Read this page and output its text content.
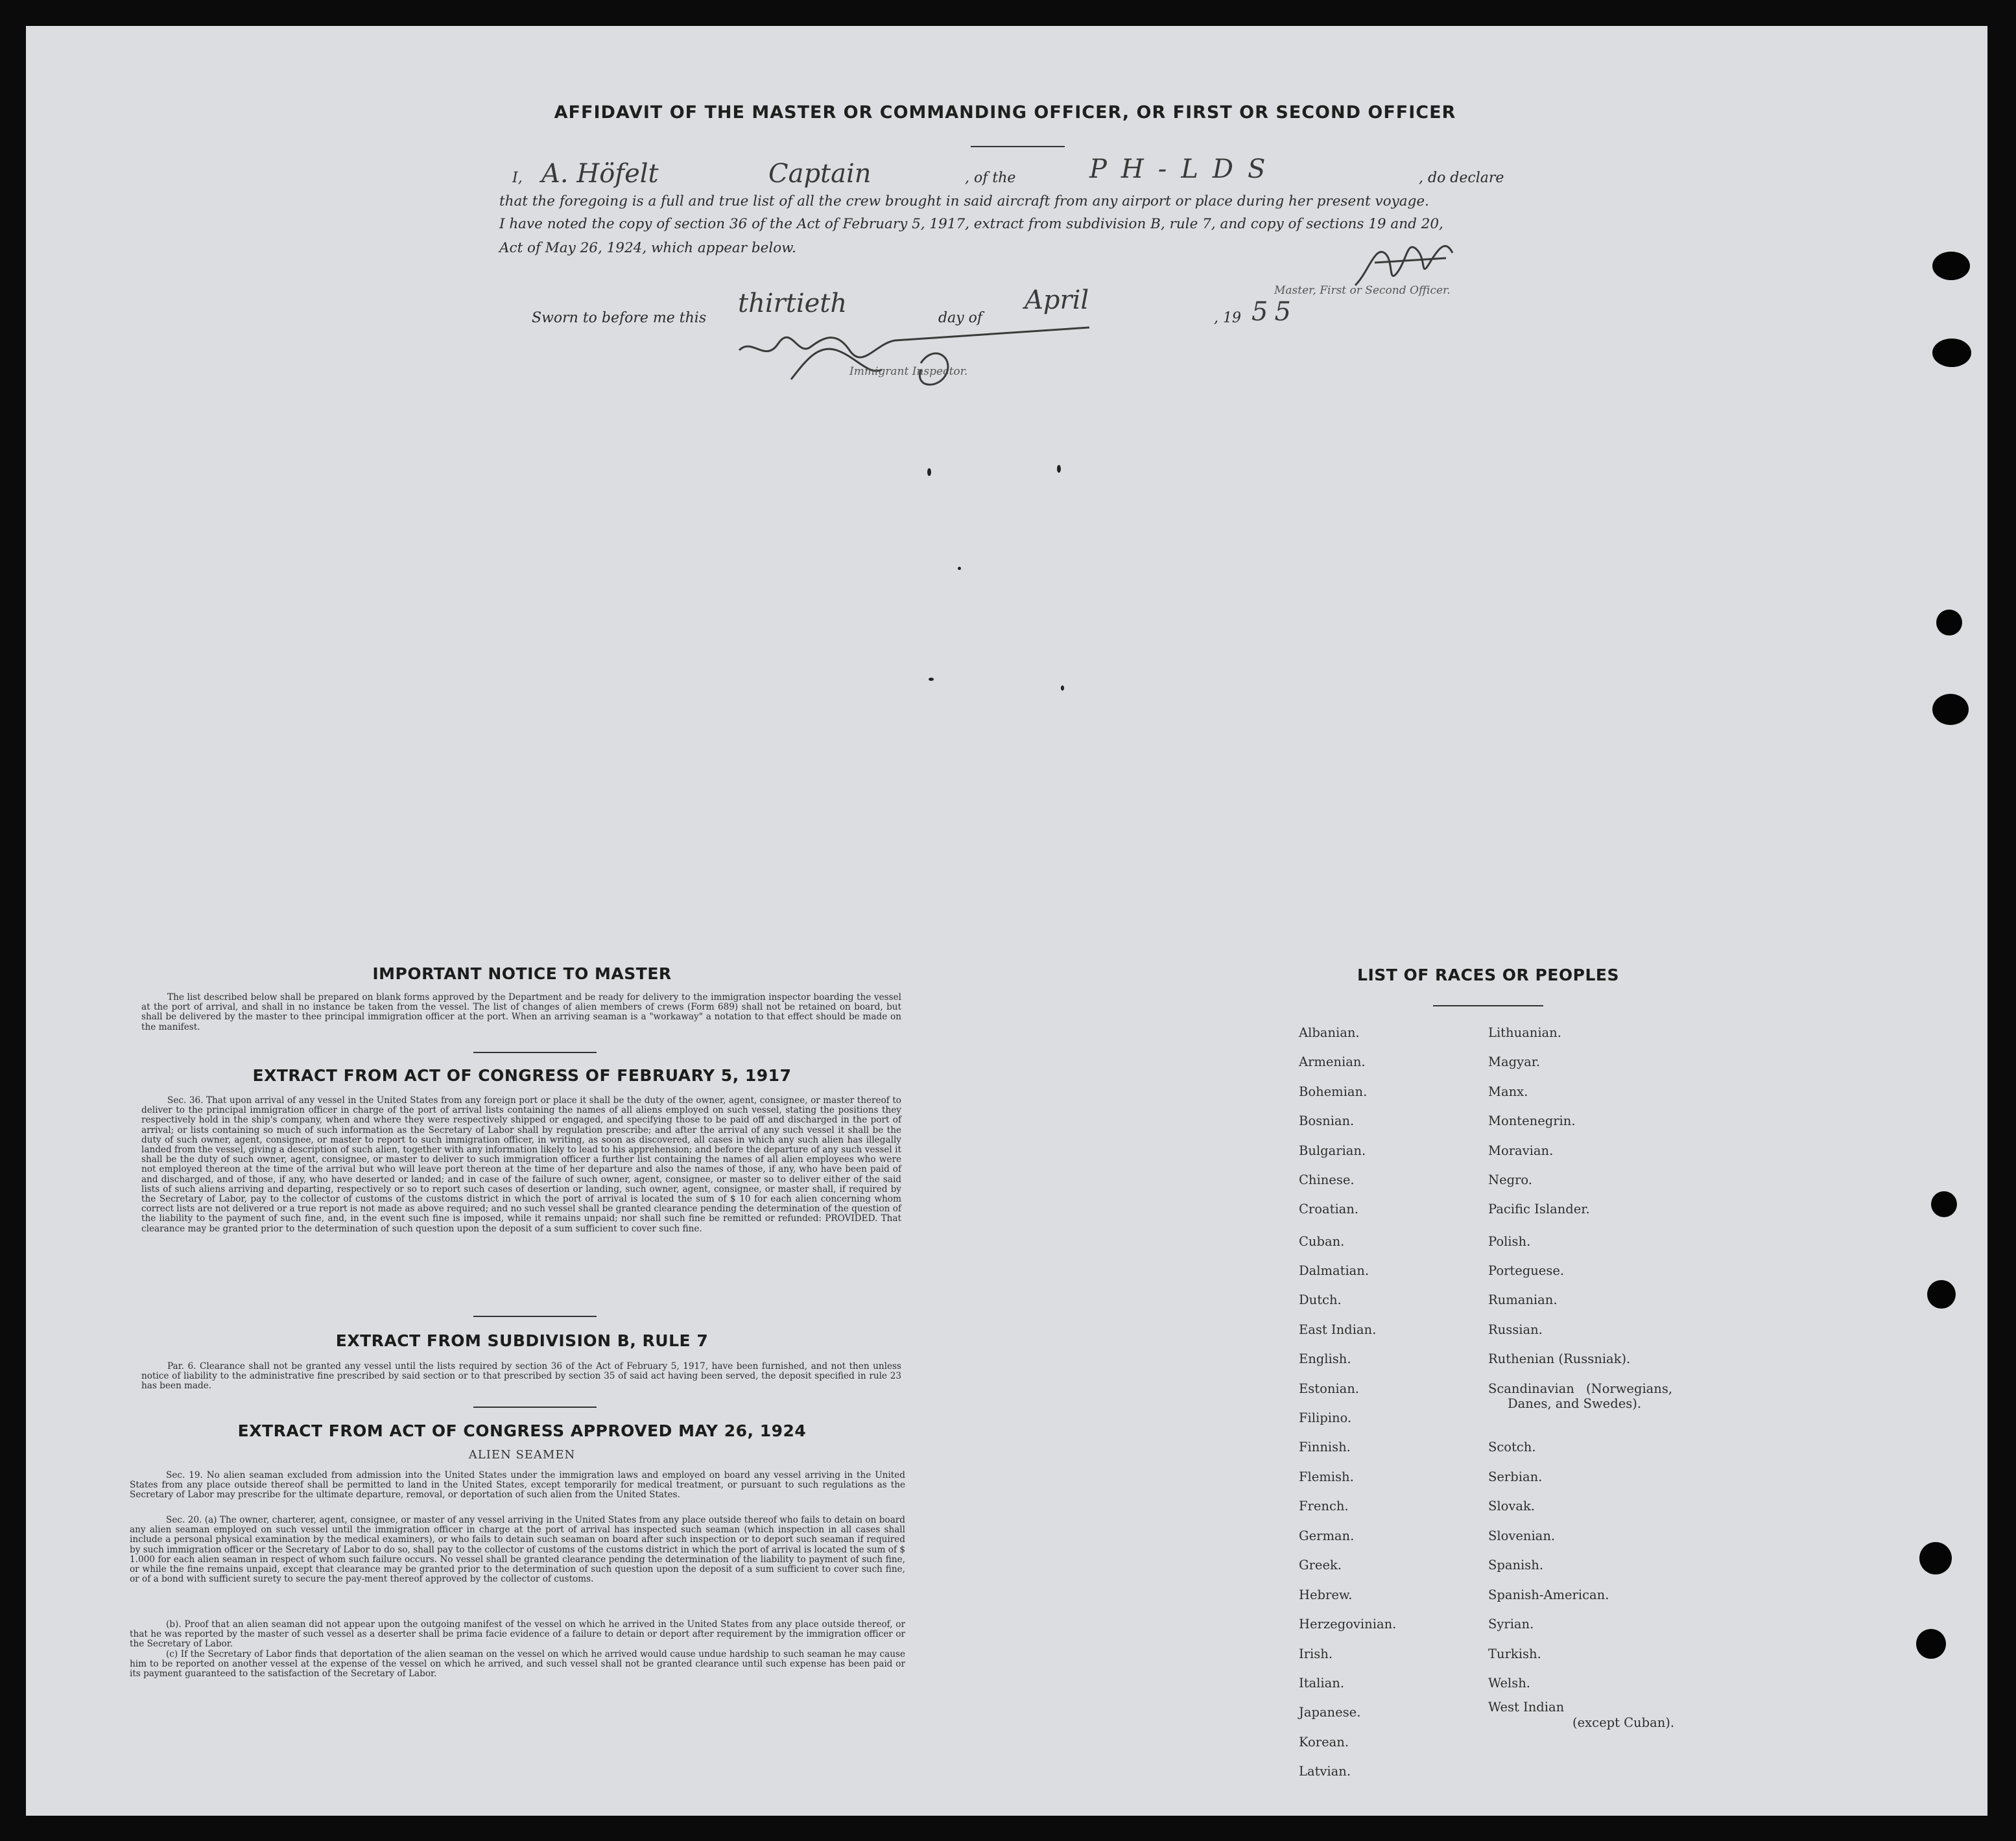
AFFIDAVIT OF THE MASTER OR COMMANDING OFFICER, OR FIRST OR SECOND OFFICER
I, A. Höfelt	Captain	, of the	PH-LDS	, do declare
that the foregoing is a full and true list of all the crew brought in said aircraft from any airport or place during her present voyage.
I have noted the copy of section 36 of the Act of February 5, 1917, extract from subdivision B, rule 7, and copy of sections 19 and 20,
Act of May 26, 1924, which appear below.
Master, First or Second Officer.
Sworn to before me this thirtieth	day of
April
, 19 55
Immigrant Inspector.
IMPORTANT NOTICE TO MASTER
The list described below shall be prepared on blank forms approved by the Department and be ready for delivery to the immigration inspector boarding the vessel at the port of arrival, and shall in no instance be taken from the vessel. The list of changes of alien members of crews (Form 689) shall not be retained on board, but shall be delivered by the master to thee principal immigration officer at the port. When an arriving seaman is a "workaway" a notation to that effect should be made on the manifest.
EXTRACT FROM ACT OF CONGRESS OF FEBRUARY 5, 1917
Sec. 36. That upon arrival of any vessel in the United States from any foreign port or place it shall be the duty of the owner, agent, consignee, or master thereof to deliver to the principal immigration officer in charge of the port of arrival lists containing the names of all aliens employed on such vessel, stating the positions they respectively hold in the ship's company, when and where they were respectively shipped or engaged, and specifying those to be paid off and discharged in the port of arrival; or lists containing so much of such information as the Secretary of Labor shall by regulation prescribe; and after the arrival of any such vessel it shall be the duty of such owner, agent, consignee, or master to report to such immigration officer, in writing, as soon as discovered, all cases in which any such alien has illegally landed from the vessel, giving a description of such alien, together with any information likely to lead to his apprehension; and before the departure of any such vessel it shall be the duty of such owner, agent, consignee, or master to deliver to such immigration officer a further list containing the names of all alien employees who were not employed thereon at the time of the arrival but who will leave port thereon at the time of her departure and also the names of those, if any, who have been paid of and discharged, and of those, if any, who have deserted or landed; and in case of the failure of such owner, agent, consignee, or master so to deliver either of the said lists of such aliens arriving and departing, respectively or so to report such cases of desertion or landing, such owner, agent, consignee, or master shall, if required by the Secretary of Labor, pay to the collector of customs of the customs district in which the port of arrival is located the sum of $ 10 for each alien concerning whom correct lists are not delivered or a true report is not made as above required; and no such vessel shall be granted clearance pending the determination of the question of the liability to the payment of such fine, and, in the event such fine is imposed, while it remains unpaid; nor shall such fine be remitted or refunded: PROVIDED. That clearance may be granted prior to the determination of such question upon the deposit of a sum sufficient to cover such fine.
EXTRACT FROM SUBDIVISION B, RULE 7
Par. 6. Clearance shall not be granted any vessel until the lists required by section 36 of the Act of February 5, 1917, have been furnished, and not then unless notice of liability to the administrative fine prescribed by said section or to that prescribed by section 35 of said act having been served, the deposit specified in rule 23 has been made.
EXTRACT FROM ACT OF CONGRESS APPROVED MAY 26, 1924
ALIEN SEAMEN
Sec. 19. No alien seaman excluded from admission into the United States under the immigration laws and employed on board any vessel arriving in the United States from any place outside thereof shall be permitted to land in the United States, except temporarily for medical treatment, or pursuant to such regulations as the Secretary of Labor may prescribe for the ultimate departure, removal, or deportation of such alien from the United States.
Sec. 20. (a) The owner, charterer, agent, consignee, or master of any vessel arriving in the United States from any place outside thereof who fails to detain on board any alien seaman employed on such vessel until the immigration officer in charge at the port of arrival has inspected such seaman (which inspection in all cases shall include a personal physical examination by the medical examiners), or who fails to detain such seaman on board after such inspection or to deport such seaman if required by such immigration officer or the Secretary of Labor to do so, shall pay to the collector of customs of the customs district in which the port of arrival is located the sum of $ 1.000 for each alien seaman in respect of whom such failure occurs. No vessel shall be granted clearance pending the determination of the liability to payment of such fine, or while the fine remains unpaid, except that clearance may be granted prior to the determination of such question upon the deposit of a sum sufficient to cover such fine, or of a bond with sufficient surety to secure the pay-ment thereof approved by the collector of customs.
(b). Proof that an alien seaman did not appear upon the outgoing manifest of the vessel on which he arrived in the United States from any place outside thereof, or that he was reported by the master of such vessel as a deserter shall be prima facie evidence of a failure to detain or deport after requirement by the immigration officer or the Secretary of Labor.
(c) If the Secretary of Labor finds that deportation of the alien seaman on the vessel on which he arrived would cause undue hardship to such seaman he may cause him to be reported on another vessel at the expense of the vessel on which he arrived, and such vessel shall not be granted clearance until such expense has been paid or its payment guaranteed to the satisfaction of the Secretary of Labor.
LIST OF RACES OR PEOPLES
Albanian.
Armenian.
Bohemian.
Bosnian.
Bulgarian.
Chinese.
Croatian.
Cuban.
Dalmatian.
Dutch.
East Indian.
English.
Estonian.
Filipino.
Finnish.
Flemish.
French.
German.
Greek.
Hebrew.
Herzegovinian.
Irish.
Italian.
Japanese.
Korean.
Latvian.
Lithuanian.
Magyar.
Manx.
Montenegrin.
Moravian.
Negro.
Pacific Islander.
Polish.
Porteguese.
Rumanian.
Russian.
Ruthenian (Russniak).
Scandinavian (Norwegians,
Danes, and Swedes).
Scotch.
Serbian.
Slovak.
Slovenian.
Spanish.
Spanish-American.
Syrian.
Turkish.
Welsh.
West Indian
(except Cuban).
